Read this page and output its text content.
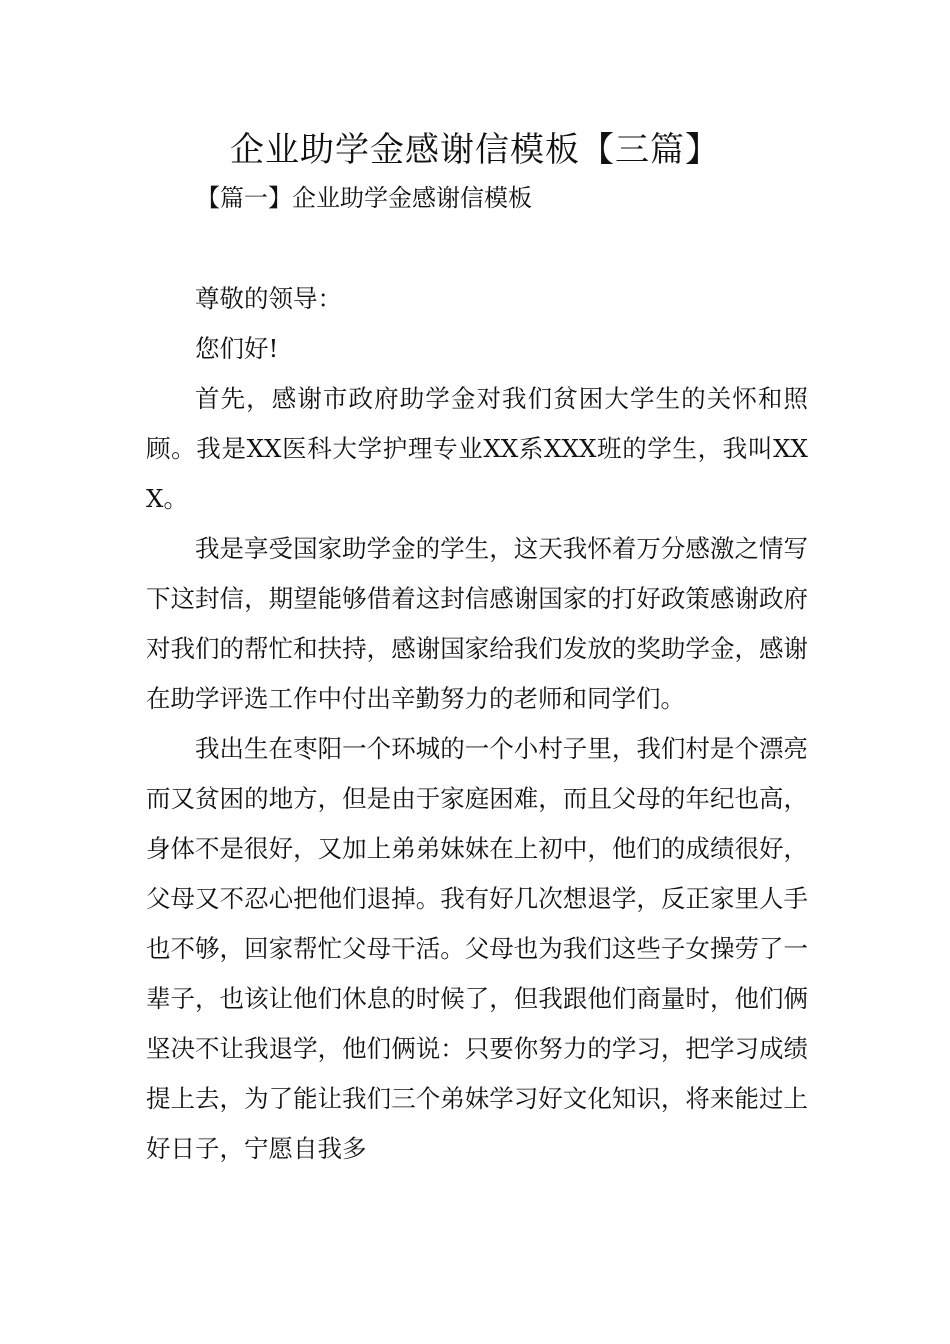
企业助学金感谢信模板【三篇】
【篇一】企业助学金感谢信模板

尊敬的领导：

您们好!

首先，感谢市政府助学金对我们贫困大学生的关怀和照顾。我是XX医科大学护理专业XX系XXX班的学生，我叫XXX。

我是享受国家助学金的学生，这天我怀着万分感激之情写下这封信，期望能够借着这封信感谢国家的打好政策感谢政府对我们的帮忙和扶持，感谢国家给我们发放的奖助学金，感谢在助学评选工作中付出辛勤努力的老师和同学们。

我出生在枣阳一个环城的一个小村子里，我们村是个漂亮而又贫困的地方，但是由于家庭困难，而且父母的年纪也高，身体不是很好，又加上弟弟妹妹在上初中，他们的成绩很好，父母又不忍心把他们退掉。我有好几次想退学，反正家里人手也不够，回家帮忙父母干活。父母也为我们这些子女操劳了一辈子，也该让他们休息的时候了，但我跟他们商量时，他们俩坚决不让我退学，他们俩说：只要你努力的学习，把学习成绩提上去，为了能让我们三个弟妹学习好文化知识，将来能过上好日子，宁愿自我多
